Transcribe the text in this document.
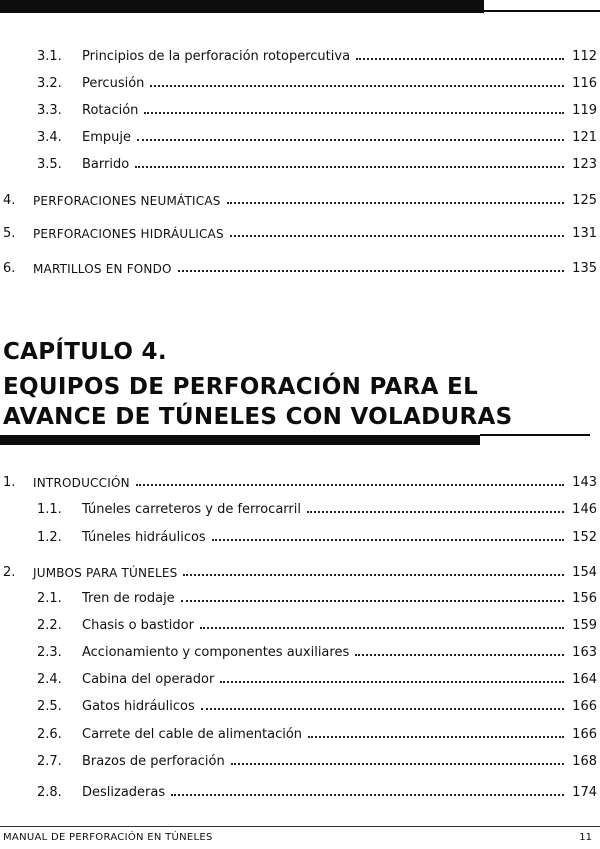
3.1.	Principios de la perforación rotopercutiva	112
3.2.	Percusión	116
3.3.	Rotación	119
3.4.	Empuje	121
3.5.	Barrido	123
4.	PERFORACIONES NEUMÁTICAS	125
5.	PERFORACIONES HIDRÁULICAS	131
6.	MARTILLOS EN FONDO	135
CAPÍTULO 4.
EQUIPOS DE PERFORACIÓN PARA EL
AVANCE DE TÚNELES CON VOLADURAS
1.	INTRODUCCIÓN	143
1.1.	Túneles carreteros y de ferrocarril	146
1.2.	Túneles hidráulicos	152
2.	JUMBOS PARA TÚNELES	154
2.1.	Tren de rodaje	156
2.2.	Chasis o bastidor	159
2.3.	Accionamiento y componentes auxiliares	163
2.4.	Cabina del operador	164
2.5.	Gatos hidráulicos	166
2.6.	Carrete del cable de alimentación	166
2.7.	Brazos de perforación	168
2.8.	Deslizaderas	174
MANUAL DE PERFORACIÓN EN TÚNELES	11
